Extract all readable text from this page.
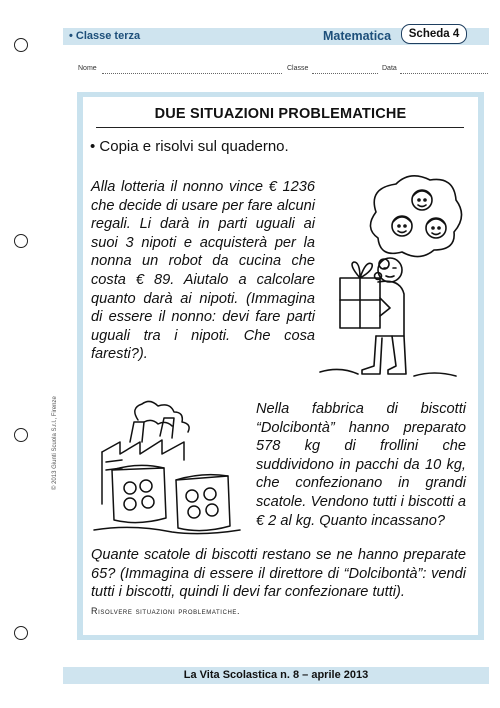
• Classe terza	Matematica	Scheda 4
Nome	Classe	Data
DUE SITUAZIONI PROBLEMATICHE
• Copia e risolvi sul quaderno.
Alla lotteria il nonno vince € 1236 che decide di usare per fare alcuni regali. Li darà in parti uguali ai suoi 3 nipoti e acquisterà per la nonna un robot da cucina che costa € 89. Aiutalo a calcolare quanto darà ai nipoti. (Immagina di essere il nonno: devi fare parti uguali tra i nipoti. Che cosa faresti?).
Nella fabbrica di biscotti “Dolcibontà” hanno preparato 578 kg di frollini che suddividono in pacchi da 10 kg, che confezionano in grandi scatole. Vendono tutti i biscotti a € 2 al kg. Quanto incassano?
Quante scatole di biscotti restano se ne hanno preparate 65? (Immagina di essere il direttore di “Dolcibontà”: vendi tutti i biscotti, quindi li devi far confezionare tutti).
Risolvere situazioni problematiche.
© 2013 Giunti Scuola S.r.l., Firenze
La Vita Scolastica n. 8 – aprile 2013
